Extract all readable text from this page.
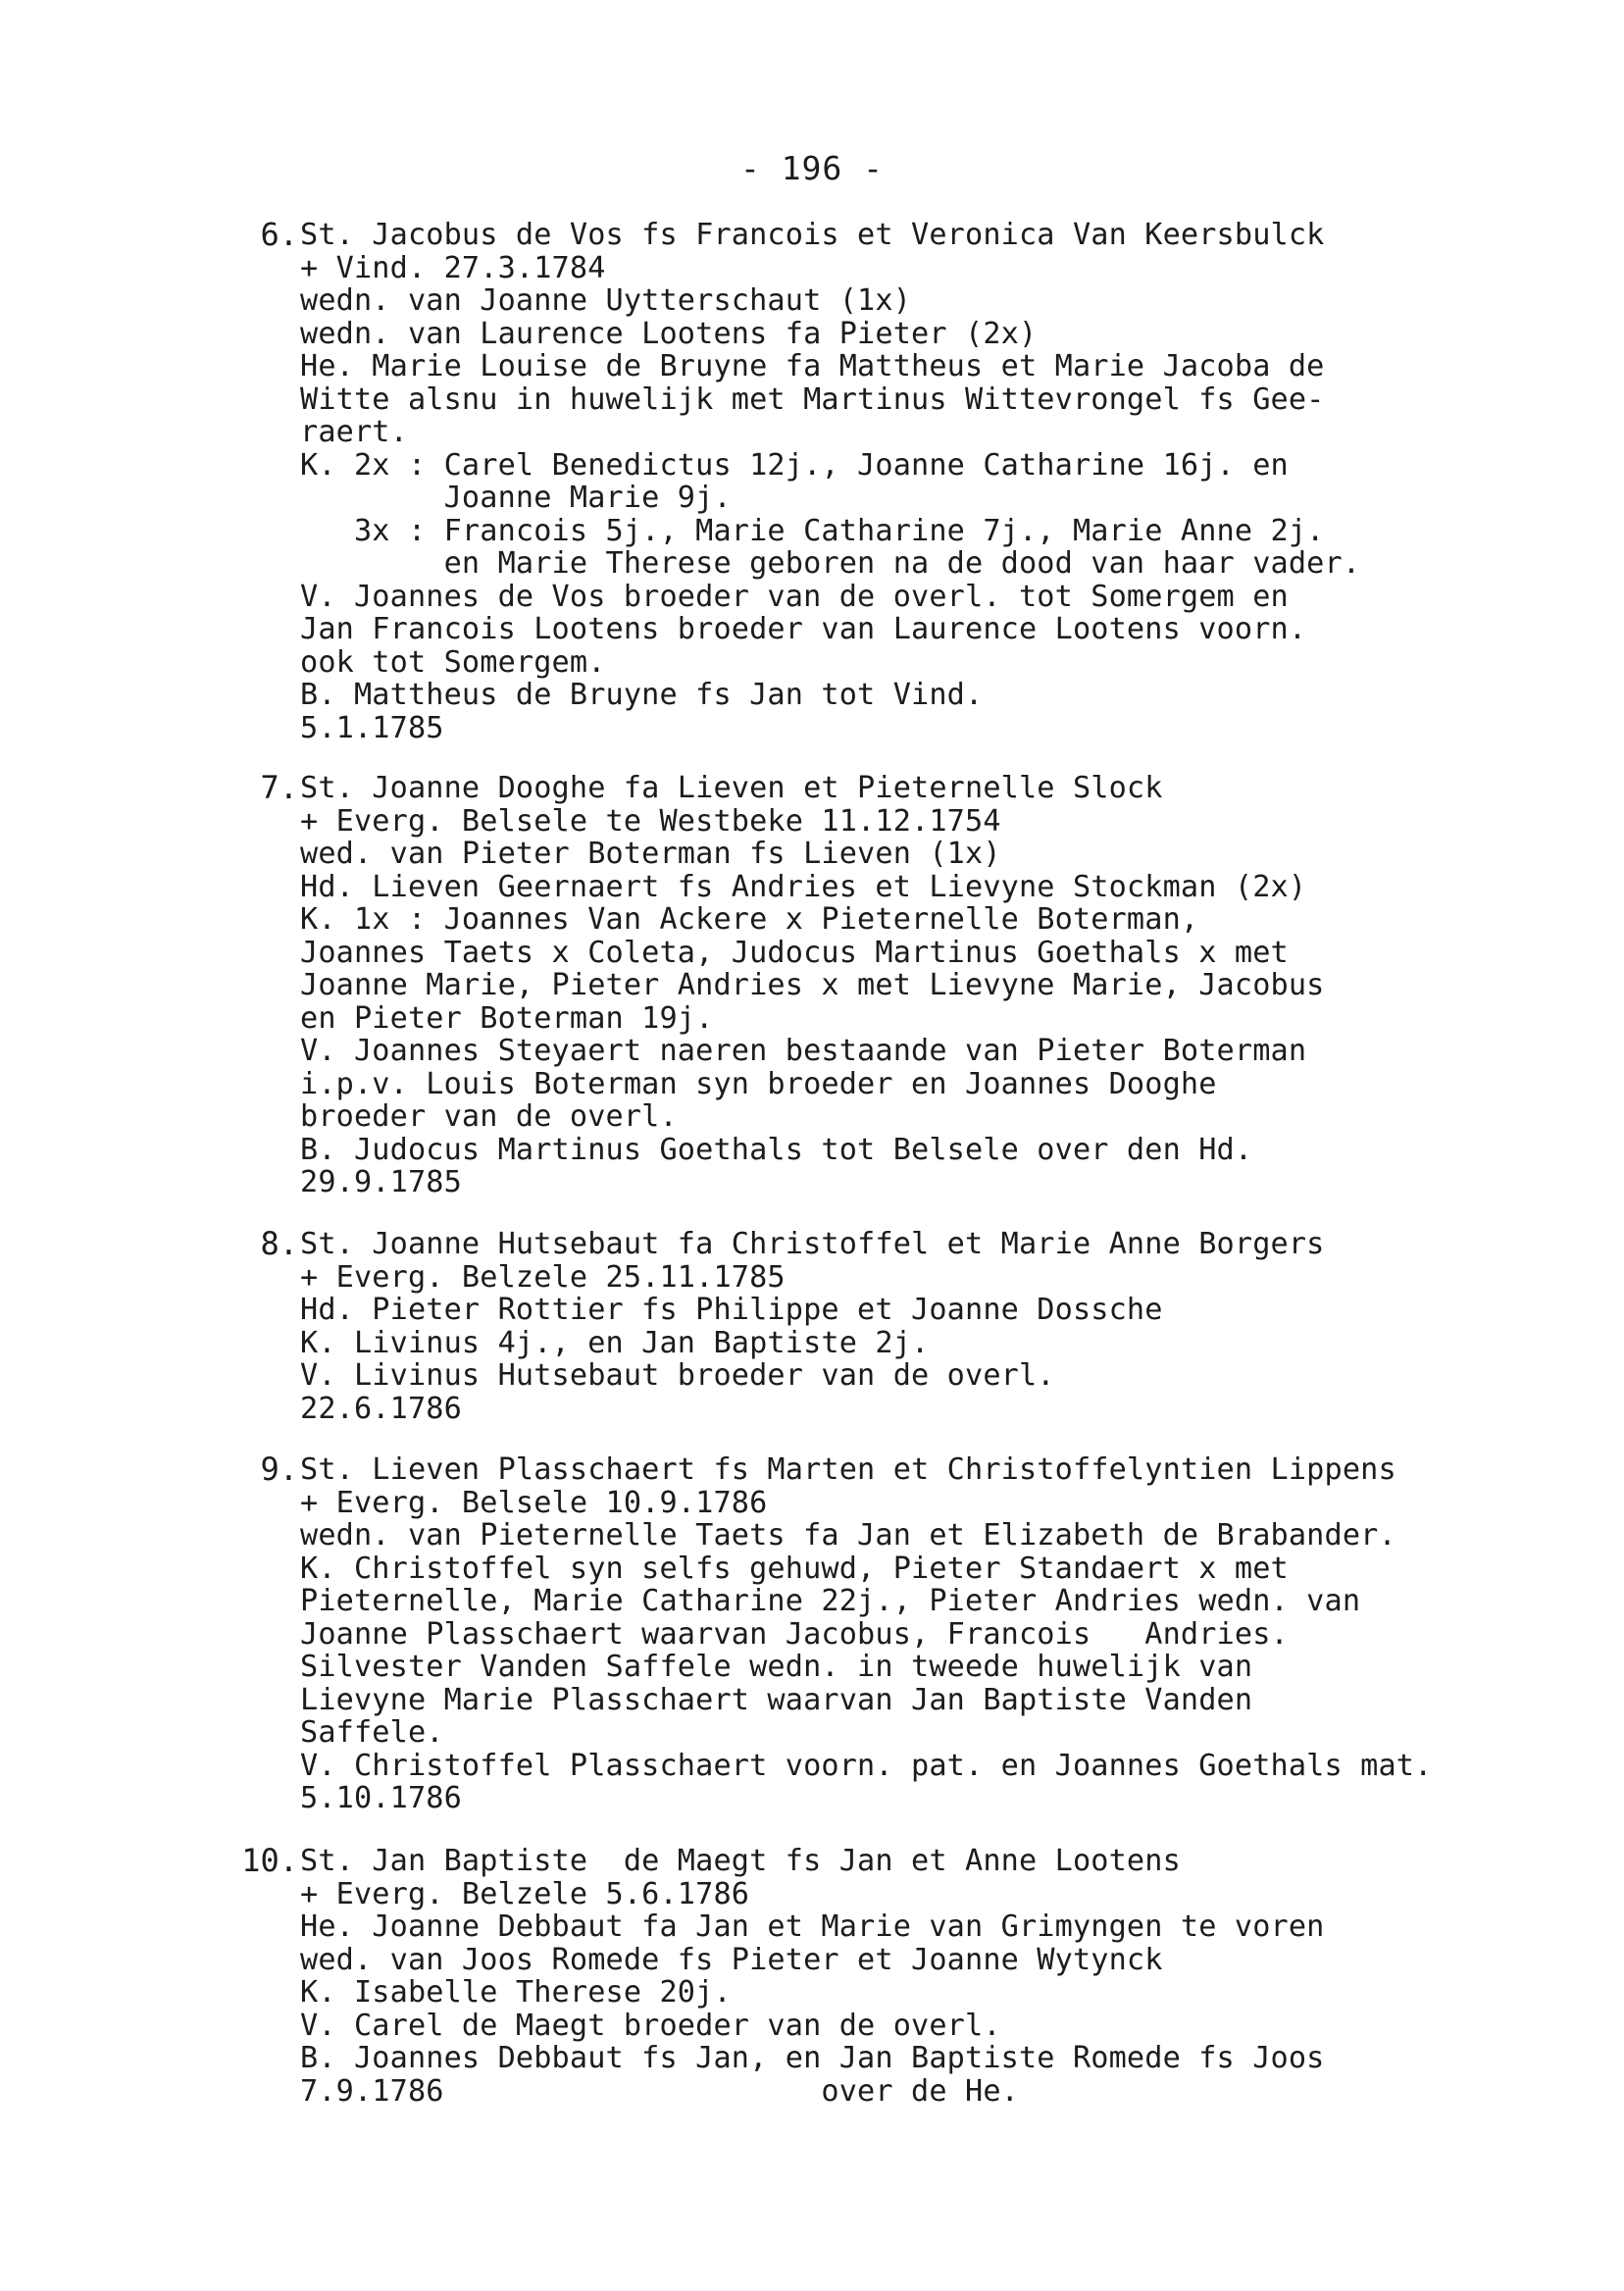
- 196 -
6. St. Jacobus de Vos fs Francois et Veronica Van Keersbulck
+ Vind. 27.3.1784
wedn. van Joanne Uytterschaut (1x)
wedn. van Laurence Lootens fa Pieter (2x)
He. Marie Louise de Bruyne fa Mattheus et Marie Jacoba de
Witte alsnu in huwelijk met Martinus Wittevrongel fs Gee-
raert.
K. 2x : Carel Benedictus 12j., Joanne Catharine 16j. en
Joanne Marie 9j.
3x : Francois 5j., Marie Catharine 7j., Marie Anne 2j.
en Marie Therese geboren na de dood van haar vader.
V. Joannes de Vos broeder van de overl. tot Somergem en
Jan Francois Lootens broeder van Laurence Lootens voorn.
ook tot Somergem.
B. Mattheus de Bruyne fs Jan tot Vind.
5.1.1785
7. St. Joanne Dooghe fa Lieven et Pieternelle Slock
+ Everg. Belsele te Westbeke 11.12.1754
wed. van Pieter Boterman fs Lieven (1x)
Hd. Lieven Geernaert fs Andries et Lievyne Stockman (2x)
K. 1x : Joannes Van Ackere x Pieternelle Boterman,
Joannes Taets x Coleta, Judocus Martinus Goethals x met
Joanne Marie, Pieter Andries x met Lievyne Marie, Jacobus
en Pieter Boterman 19j.
V. Joannes Steyaert naeren bestaande van Pieter Boterman
i.p.v. Louis Boterman syn broeder en Joannes Dooghe
broeder van de overl.
B. Judocus Martinus Goethals tot Belsele over den Hd.
29.9.1785
8. St. Joanne Hutsebaut fa Christoffel et Marie Anne Borgers
+ Everg. Belzele 25.11.1785
Hd. Pieter Rottier fs Philippe et Joanne Dossche
K. Livinus 4j., en Jan Baptiste 2j.
V. Livinus Hutsebaut broeder van de overl.
22.6.1786
9. St. Lieven Plasschaert fs Marten et Christoffelyntien Lippens
+ Everg. Belsele 10.9.1786
wedn. van Pieternelle Taets fa Jan et Elizabeth de Brabander.
K. Christoffel syn selfs gehuwd, Pieter Standaert x met
Pieternelle, Marie Catharine 22j., Pieter Andries wedn. van
Joanne Plasschaert waarvan Jacobus, Francois   Andries.
Silvester Vanden Saffele wedn. in tweede huwelijk van
Lievyne Marie Plasschaert waarvan Jan Baptiste Vanden
Saffele.
V. Christoffel Plasschaert voorn. pat. en Joannes Goethals mat.
5.10.1786
10. St. Jan Baptiste  de Maegt fs Jan et Anne Lootens
+ Everg. Belzele 5.6.1786
He. Joanne Debbaut fa Jan et Marie van Grimyngen te voren
wed. van Joos Romede fs Pieter et Joanne Wytynck
K. Isabelle Therese 20j.
V. Carel de Maegt broeder van de overl.
B. Joannes Debbaut fs Jan, en Jan Baptiste Romede fs Joos
7.9.1786                     over de He.
